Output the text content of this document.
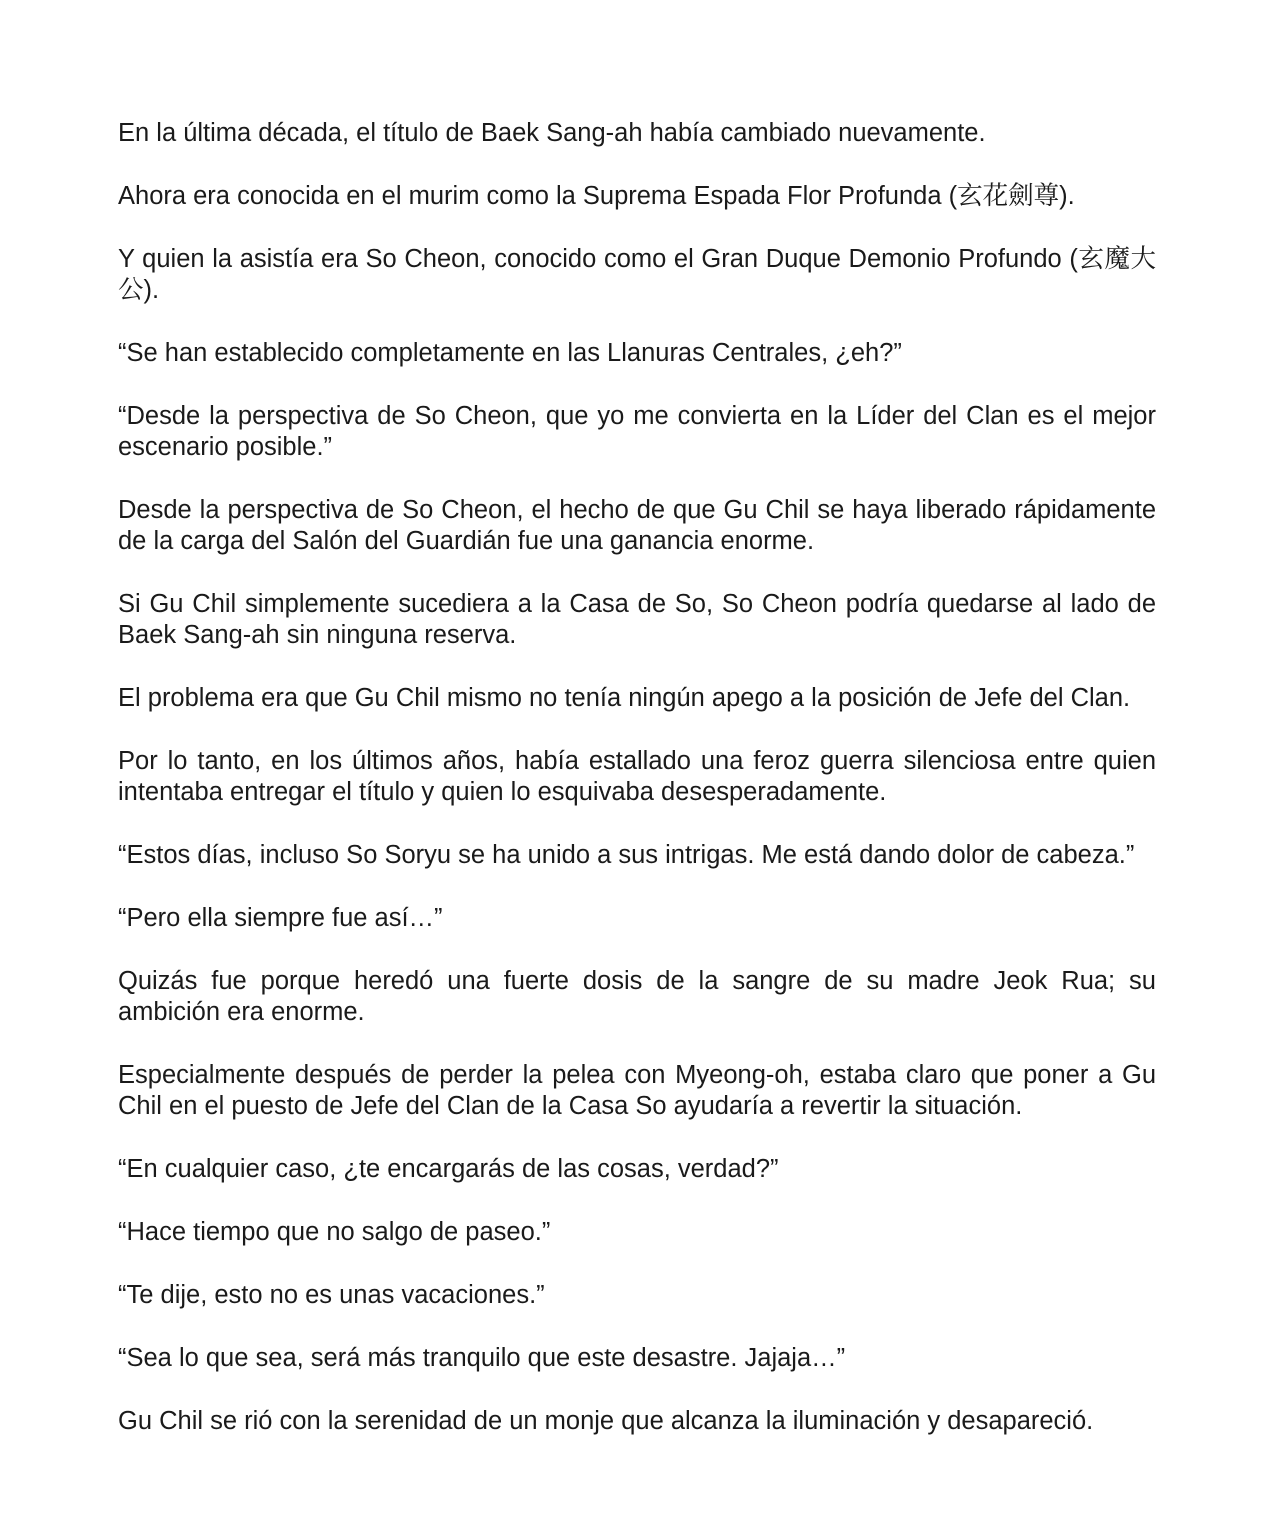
En la última década, el título de Baek Sang-ah había cambiado nuevamente.

Ahora era conocida en el murim como la Suprema Espada Flor Profunda (玄花劍尊).

Y quien la asistía era So Cheon, conocido como el Gran Duque Demonio Profundo (玄魔大公).

“Se han establecido completamente en las Llanuras Centrales, ¿eh?”

“Desde la perspectiva de So Cheon, que yo me convierta en la Líder del Clan es el mejor escenario posible.”

Desde la perspectiva de So Cheon, el hecho de que Gu Chil se haya liberado rápidamente de la carga del Salón del Guardián fue una ganancia enorme.

Si Gu Chil simplemente sucediera a la Casa de So, So Cheon podría quedarse al lado de Baek Sang-ah sin ninguna reserva.

El problema era que Gu Chil mismo no tenía ningún apego a la posición de Jefe del Clan.

Por lo tanto, en los últimos años, había estallado una feroz guerra silenciosa entre quien intentaba entregar el título y quien lo esquivaba desesperadamente.

“Estos días, incluso So Soryu se ha unido a sus intrigas. Me está dando dolor de cabeza.”

“Pero ella siempre fue así…”

Quizás fue porque heredó una fuerte dosis de la sangre de su madre Jeok Rua; su ambición era enorme.

Especialmente después de perder la pelea con Myeong-oh, estaba claro que poner a Gu Chil en el puesto de Jefe del Clan de la Casa So ayudaría a revertir la situación.

“En cualquier caso, ¿te encargarás de las cosas, verdad?”

“Hace tiempo que no salgo de paseo.”

“Te dije, esto no es unas vacaciones.”

“Sea lo que sea, será más tranquilo que este desastre. Jajaja…”

Gu Chil se rió con la serenidad de un monje que alcanza la iluminación y desapareció.
